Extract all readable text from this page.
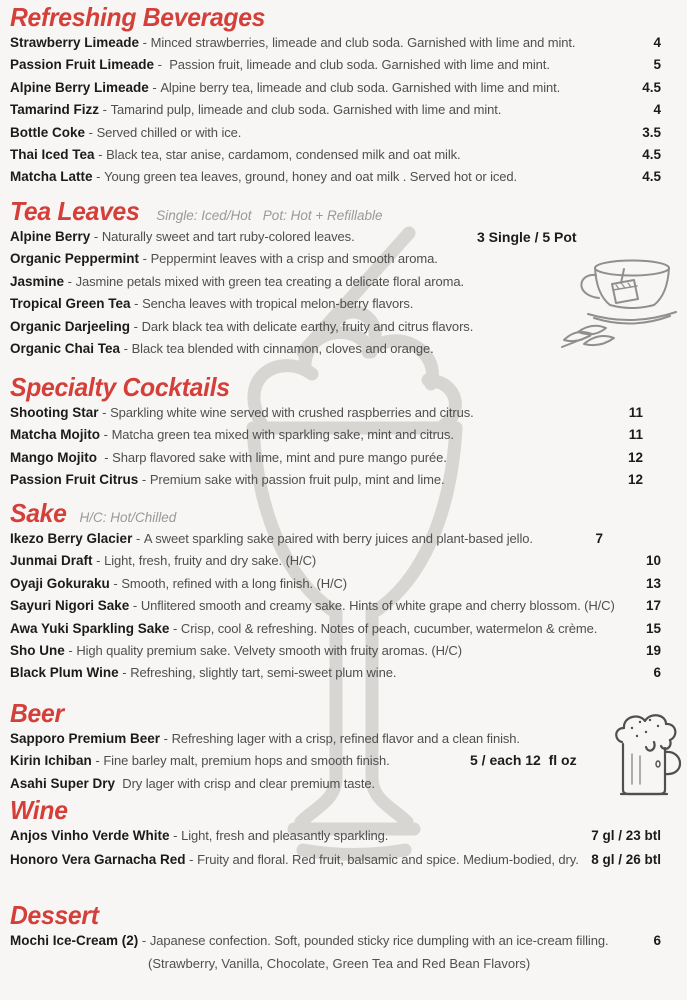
Refreshing Beverages
Strawberry Limeade - Minced strawberries, limeade and club soda. Garnished with lime and mint.	4
Passion Fruit Limeade -  Passion fruit, limeade and club soda. Garnished with lime and mint.	5
Alpine Berry Limeade - Alpine berry tea, limeade and club soda. Garnished with lime and mint.	4.5
Tamarind Fizz - Tamarind pulp, limeade and club soda. Garnished with lime and mint.	4
Bottle Coke - Served chilled or with ice.	3.5
Thai Iced Tea - Black tea, star anise, cardamom, condensed milk and oat milk.	4.5
Matcha Latte - Young green tea leaves, ground, honey and oat milk . Served hot or iced.	4.5
Tea Leaves Single: Iced/Hot   Pot: Hot + Refillable
3 Single / 5 Pot
Alpine Berry - Naturally sweet and tart ruby-colored leaves.
Organic Peppermint - Peppermint leaves with a crisp and smooth aroma.
Jasmine - Jasmine petals mixed with green tea creating a delicate floral aroma.
Tropical Green Tea - Sencha leaves with tropical melon-berry flavors.
Organic Darjeeling - Dark black tea with delicate earthy, fruity and citrus flavors.
Organic Chai Tea - Black tea blended with cinnamon, cloves and orange.
Specialty Cocktails
Shooting Star - Sparkling white wine served with crushed raspberries and citrus.	11
Matcha Mojito - Matcha green tea mixed with sparkling sake, mint and citrus.	11
Mango Mojito  - Sharp flavored sake with lime, mint and pure mango purée.	12
Passion Fruit Citrus - Premium sake with passion fruit pulp, mint and lime.	12
Sake H/C: Hot/Chilled
Ikezo Berry Glacier - A sweet sparkling sake paired with berry juices and plant-based jello.	7
Junmai Draft - Light, fresh, fruity and dry sake. (H/C)	10
Oyaji Gokuraku - Smooth, refined with a long finish. (H/C)	13
Sayuri Nigori Sake - Unflitered smooth and creamy sake. Hints of white grape and cherry blossom. (H/C)	17
Awa Yuki Sparkling Sake - Crisp, cool & refreshing. Notes of peach, cucumber, watermelon & crème.	15
Sho Une - High quality premium sake. Velvety smooth with fruity aromas. (H/C)	19
Black Plum Wine - Refreshing, slightly tart, semi-sweet plum wine.	6
Beer
5 / each 12  fl oz
Sapporo Premium Beer - Refreshing lager with a crisp, refined flavor and a clean finish.
Kirin Ichiban - Fine barley malt, premium hops and smooth finish.
Asahi Super Dry Dry lager with crisp and clear premium taste.
Wine
Anjos Vinho Verde White - Light, fresh and pleasantly sparkling.	7 gl / 23 btl
Honoro Vera Garnacha Red - Fruity and floral. Red fruit, balsamic and spice. Medium-bodied, dry. 8 gl / 26 btl
Dessert
Mochi Ice-Cream (2) - Japanese confection. Soft, pounded sticky rice dumpling with an ice-cream filling.	6
(Strawberry, Vanilla, Chocolate, Green Tea and Red Bean Flavors)
